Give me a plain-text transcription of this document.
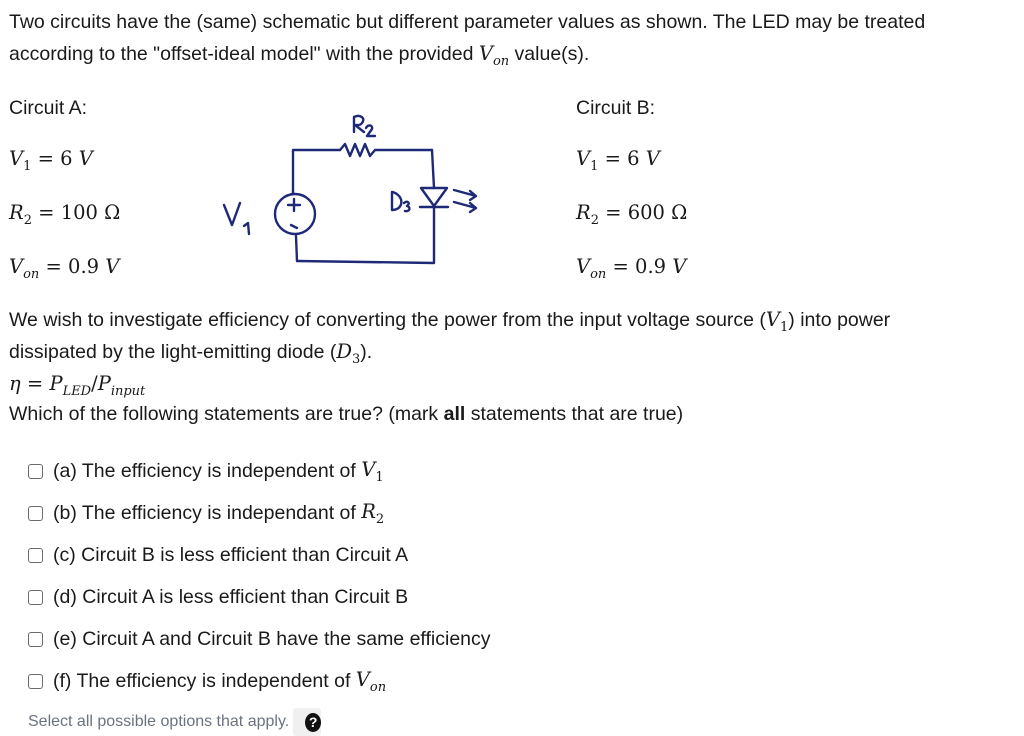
Two circuits have the (same) schematic but different parameter values as shown. The LED may be treated
according to the "offset-ideal model" with the provided $V_{on}$ value(s).
Circuit A:
$V_1 = 6$ V
$R_2 = 100$ Ω
$V_{on} = 0.9$ V
Circuit B:
$V_1 = 6$ V
$R_2 = 600$ Ω
$V_{on} = 0.9$ V
We wish to investigate efficiency of converting the power from the input voltage source $(V_1)$ into power
dissipated by the light-emitting diode $(D_3)$.
$\eta = P_{LED}/P_{input}$
Which of the following statements are true? (mark all statements that are true)
(a) The efficiency is independent of
$V_1$
(b) The efficiency is independant of
$R_2$
(c) Circuit B is less efficient than Circuit A
(d) Circuit A is less efficient than Circuit B
(e) Circuit A and Circuit B have the same efficiency
(f) The efficiency is independent of
$V_{on}$
Select all possible options that apply. ?
